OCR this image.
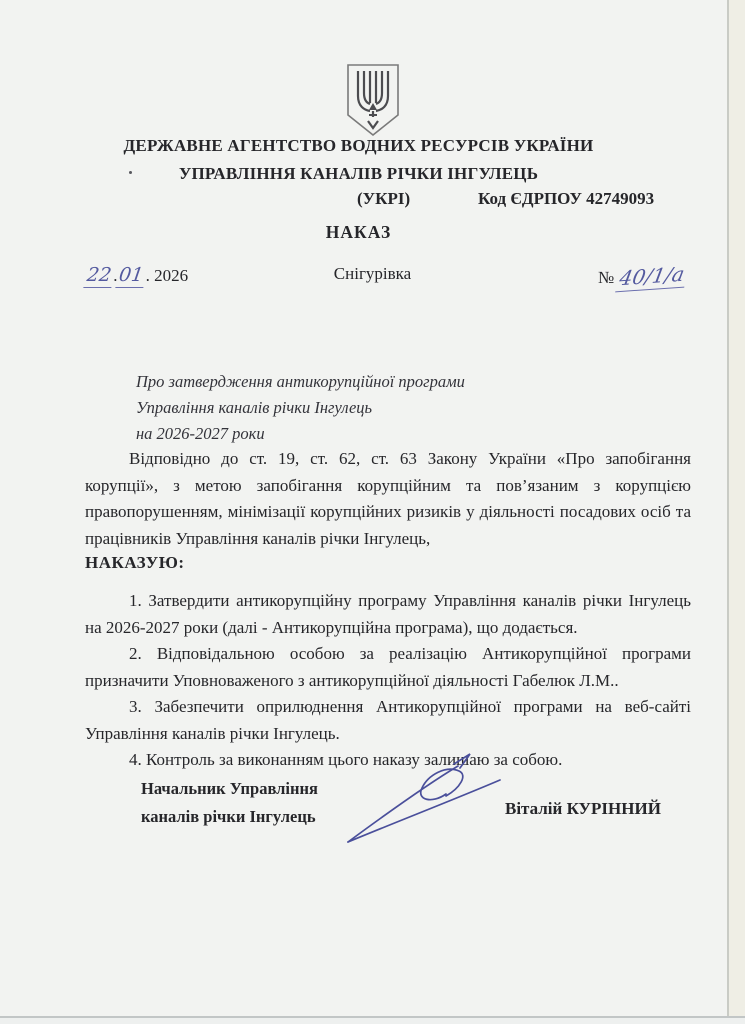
ДЕРЖАВНЕ АГЕНТСТВО ВОДНИХ РЕСУРСІВ УКРАЇНИ
УПРАВЛІННЯ КАНАЛІВ РІЧКИ ІНГУЛЕЦЬ
(УКРІ)	Код ЄДРПОУ 42749093
НАКАЗ
22.01. 2026	Снігурівка	№ 40/1/а
Про затвердження антикорупційної програми
Управління каналів річки Інгулець
на 2026-2027 роки

Відповідно до ст. 19, ст. 62, ст. 63 Закону України «Про запобігання корупції», з метою запобігання корупційним та пов’язаним з корупцією правопорушенням, мінімізації корупційних ризиків у діяльності посадових осіб та працівників Управління каналів річки Інгулець,

НАКАЗУЮ:

1. Затвердити антикорупційну програму Управління каналів річки Інгулець на 2026-2027 роки (далі - Антикорупційна програма), що додається.

2. Відповідальною особою за реалізацію Антикорупційної програми призначити Уповноваженого з антикорупційної діяльності Габелюк Л.М..

3. Забезпечити оприлюднення Антикорупційної програми на веб-сайті Управління каналів річки Інгулець.

4. Контроль за виконанням цього наказу залишаю за собою.

Начальник Управління
каналів річки Інгулець	Віталій КУРІННИЙ
